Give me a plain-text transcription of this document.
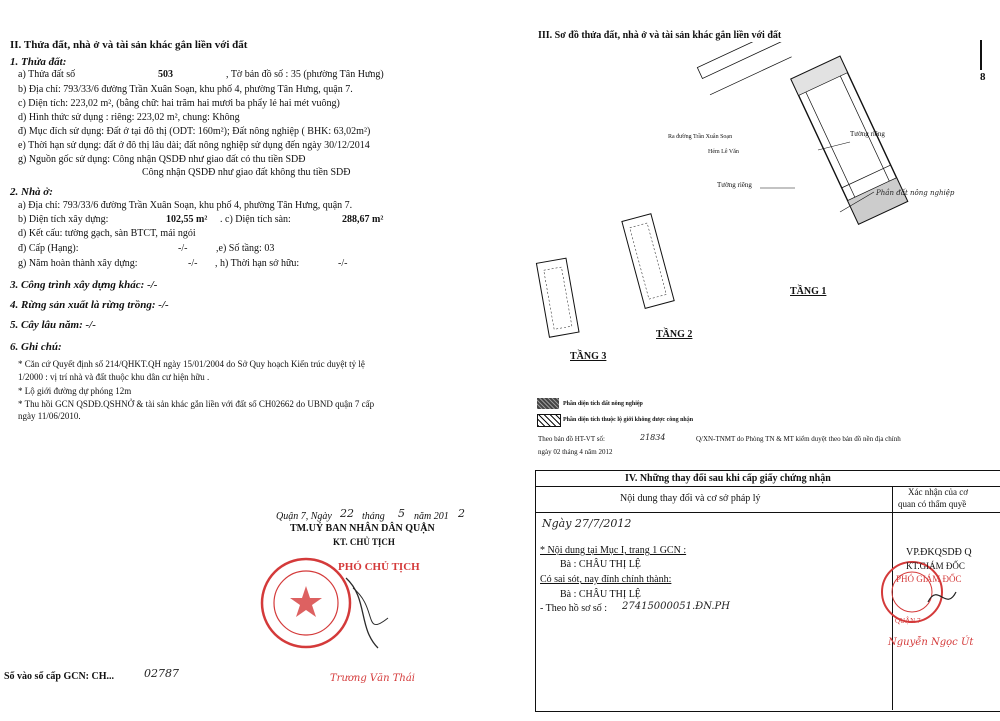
II. Thửa đất, nhà ở và tài sản khác gắn liền với đất
1. Thửa đất:
a) Thửa đất số	503	, Tờ bản đồ số : 35 (phường Tân Hưng)
b) Địa chỉ: 793/33/6 đường Trần Xuân Soạn, khu phố 4, phường Tân Hưng, quận 7.
c) Diện tích: 223,02 m², (bằng chữ: hai trăm hai mươi ba phẩy lẻ hai mét vuông)
d) Hình thức sử dụng : riêng: 223,02 m², chung: Không
đ) Mục đích sử dụng: Đất ở tại đô thị (ODT: 160m²); Đất nông nghiệp ( BHK: 63,02m²)
e) Thời hạn sử dụng: đất ở đô thị lâu dài; đất nông nghiệp sử dụng đến ngày 30/12/2014
g) Nguồn gốc sử dụng: Công nhận QSDĐ như giao đất có thu tiền SDĐ
Công nhận QSDĐ như giao đất không thu tiền SDĐ
2. Nhà ở:
a) Địa chỉ: 793/33/6 đường Trần Xuân Soạn, khu phố 4, phường Tân Hưng, quận 7.
b) Diện tích xây dựng:	102,55 m² . c) Diện tích sàn:	288,67 m²
d) Kết cấu: tường gạch, sàn BTCT, mái ngói
đ) Cấp (Hạng):	-/-	,e) Số tầng: 03
g) Năm hoàn thành xây dựng:	-/- , h) Thời hạn sở hữu:	-/-
3. Công trình xây dựng khác: -/-
4. Rừng sản xuất là rừng trồng: -/-
5. Cây lâu năm: -/-
6. Ghi chú:
* Căn cứ Quyết định số 214/QHKT.QH ngày 15/01/2004 do Sở Quy hoạch Kiến trúc duyệt tỷ lệ
1/2000 : vị trí nhà và đất thuộc khu dân cư hiện hữu .
* Lộ giới đường dự phóng 12m
* Thu hồi GCN QSDĐ.QSHNỞ & tài sản khác gắn liền với đất số CH02662 do UBND quận 7 cấp
ngày 11/06/2010.
Quận 7, Ngày 22 tháng 5 năm 201 2
TM.UỶ BAN NHÂN DÂN QUẬN
KT. CHỦ TỊCH
PHÓ CHỦ TỊCH
Trương Văn Thái
Số vào sổ cấp GCN: CH...	02787
III. Sơ đồ thửa đất, nhà ở và tài sản khác gắn liền với đất
Ra đường Trần Xuân Soạn
Hẻm Lê Văn
Tường riêng
Tường riêng
Phần đất nông nghiệp
TẦNG 1
TẦNG 2
TẦNG 3
Phần diện tích đất nông nghiệp
Phần diện tích thuộc lộ giới không được công nhận
Theo bản đồ HT-VT số:	21834	Q/XN-TNMT do Phòng TN & MT kiểm duyệt theo bản đồ nền địa chính
ngày 02 tháng 4 năm 2012
IV. Những thay đổi sau khi cấp giấy chứng nhận
Nội dung thay đổi và cơ sở pháp lý
Xác nhận của cơ
quan có thẩm quyề
Ngày 27/7/2012
* Nội dung tại Mục I, trang 1 GCN :
Bà : CHÂU THỊ LỆ
Có sai sót, nay đính chính thành:
Bà : CHÂU THỊ LỆ
- Theo hồ sơ số : 27415000051.ĐN.PH
VP.ĐKQSDĐ Q
KT.GIÁM ĐỐC
PHÓ GIÁM ĐỐC
QUẬN 7
Nguyễn Ngọc Út
8
